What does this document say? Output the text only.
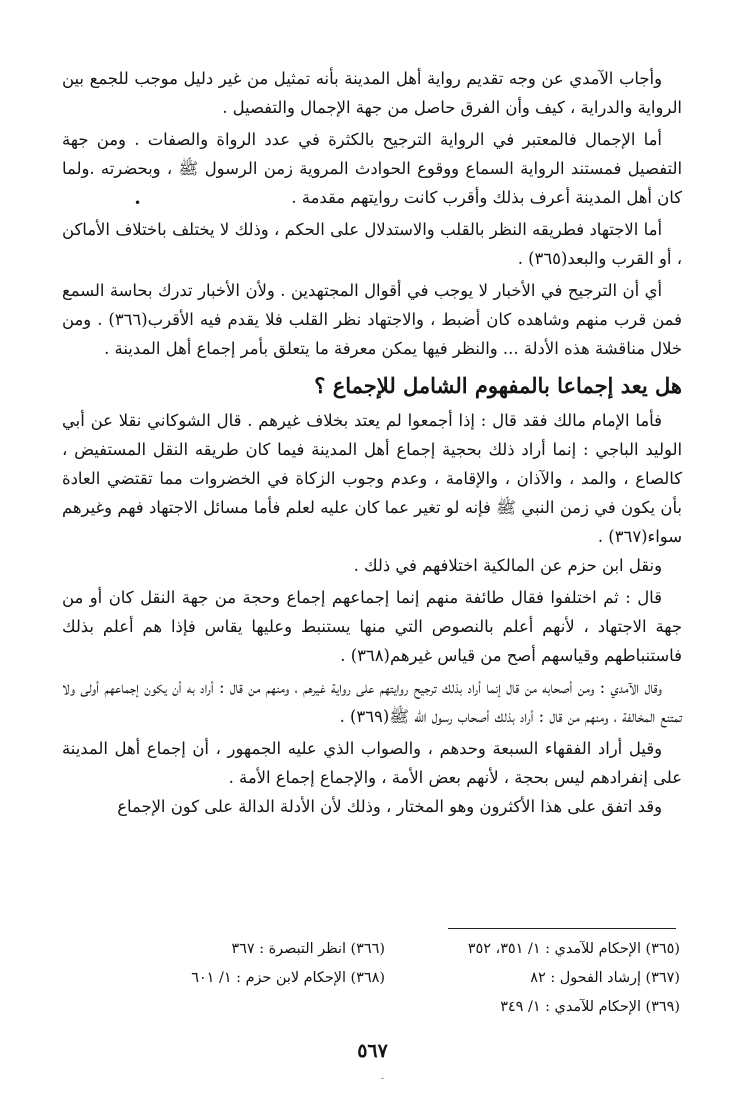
وأجاب الآمدي عن وجه تقديم رواية أهل المدينة بأنه تمثيل من غير دليل موجب للجمع بين الرواية والدراية ، كيف وأن الفرق حاصل من جهة الإجمال والتفصيل .

أما الإجمال فالمعتبر في الرواية الترجيح بالكثرة في عدد الرواة والصفات . ومن جهة التفصيل فمستند الرواية السماع ووقوع الحوادث المروية زمن الرسول ﷺ ، وبحضرته .ولما كان أهل المدينة أعرف بذلك وأقرب كانت روايتهم مقدمة .

أما الاجتهاد فطريقه النظر بالقلب والاستدلال على الحكم ، وذلك لا يختلف باختلاف الأماكن ، أو القرب والبعد(٣٦٥) .

أي أن الترجيح في الأخبار لا يوجب في أقوال المجتهدين . ولأن الأخبار تدرك بحاسة السمع فمن قرب منهم وشاهده كان أضبط ، والاجتهاد نظر القلب فلا يقدم فيه الأقرب(٣٦٦) . ومن خلال مناقشة هذه الأدلة ... والنظر فيها يمكن معرفة ما يتعلق بأمر إجماع أهل المدينة .

هل يعد إجماعا بالمفهوم الشامل للإجماع ؟

فأما الإمام مالك فقد قال : إذا أجمعوا لم يعتد بخلاف غيرهم . قال الشوكاني نقلا عن أبي الوليد الباجي : إنما أراد ذلك بحجية إجماع أهل المدينة فيما كان طريقه النقل المستفيض ، كالصاع ، والمد ، والآذان ، والإقامة ، وعدم وجوب الزكاة في الخضروات مما تقتضي العادة بأن يكون في زمن النبي ﷺ فإنه لو تغير عما كان عليه لعلم فأما مسائل الاجتهاد فهم وغيرهم سواء(٣٦٧) .

ونقل ابن حزم عن المالكية اختلافهم في ذلك .

قال : ثم اختلفوا فقال طائفة منهم إنما إجماعهم إجماع وحجة من جهة النقل كان أو من جهة الاجتهاد ، لأنهم أعلم بالنصوص التي منها يستنبط وعليها يقاس فإذا هم أعلم بذلك فاستنباطهم وقياسهم أصح من قياس غيرهم(٣٦٨) .

وقال الآمدي : ومن أصحابه من قال إنما أراد بذلك ترجيح روايتهم على رواية غيرهم ، ومنهم من قال : أراد به أن يكون إجماعهم أولى ولا تمتنع المخالفة ، ومنهم من قال : أراد بذلك أصحاب رسول الله ﷺ(٣٦٩) .

وقيل أراد الفقهاء السبعة وحدهم ، والصواب الذي عليه الجمهور ، أن إجماع أهل المدينة على إنفرادهم ليس بحجة ، لأنهم بعض الأمة ، والإجماع إجماع الأمة .

وقد اتفق على هذا الأكثرون وهو المختار ، وذلك لأن الأدلة الدالة على كون الإجماع

(٣٦٥) الإحكام للآمدي : ١/ ٣٥١، ٣٥٢
(٣٦٦) انظر التبصرة : ٣٦٧
(٣٦٧) إرشاد الفحول : ٨٢
(٣٦٨) الإحكام لابن حزم : ١/ ٦٠١
(٣٦٩) الإحكام للآمدي : ١/ ٣٤٩
٥٦٧
•
-
